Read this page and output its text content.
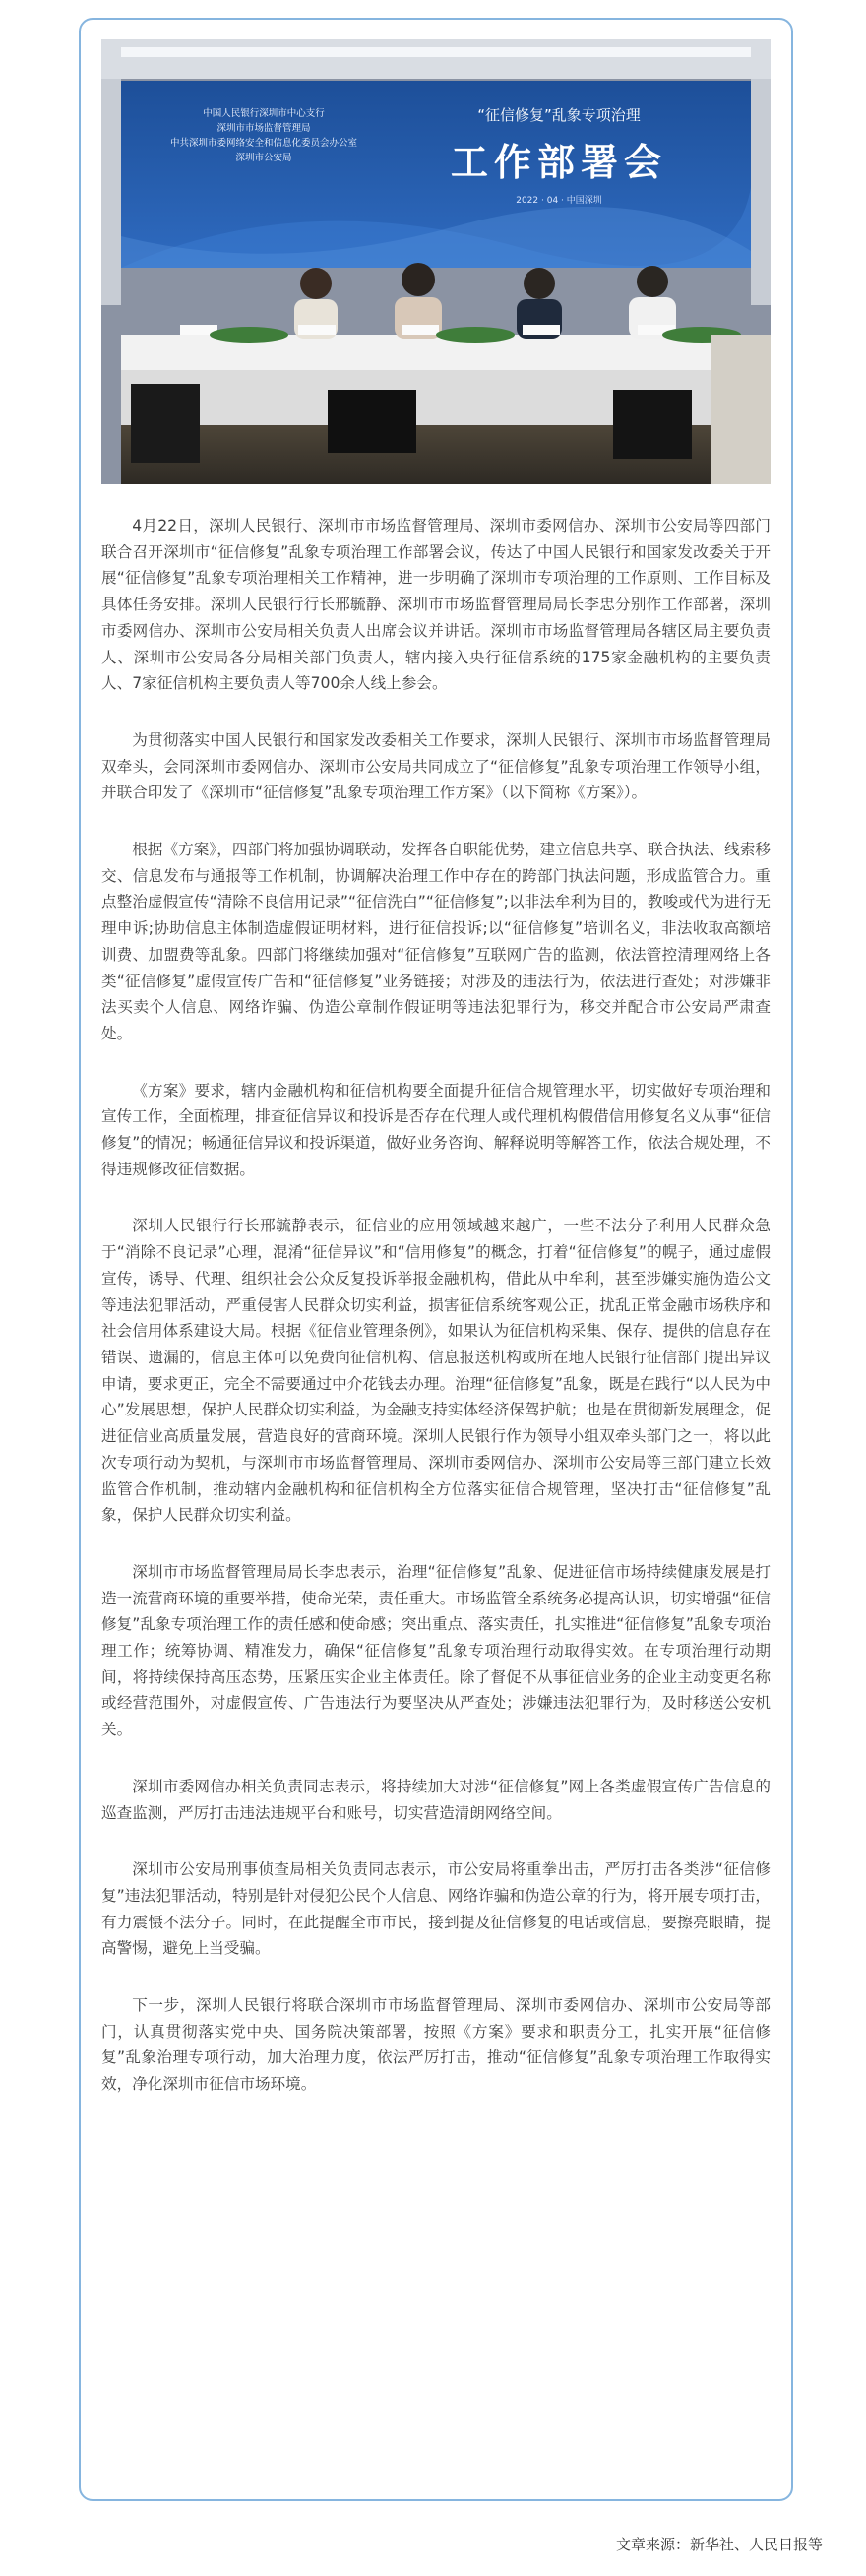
中国人民银行深圳市中心支行
深圳市市场监督管理局
中共深圳市委网络安全和信息化委员会办公室
深圳市公安局
“征信修复”乱象专项治理
工作部署会
2022 · 04 · 中国深圳

4月22日，深圳人民银行、深圳市市场监督管理局、深圳市委网信办、深圳市公安局等四部门联合召开深圳市“征信修复”乱象专项治理工作部署会议，传达了中国人民银行和国家发改委关于开展“征信修复”乱象专项治理相关工作精神，进一步明确了深圳市专项治理的工作原则、工作目标及具体任务安排。深圳人民银行行长邢毓静、深圳市市场监督管理局局长李忠分别作工作部署，深圳市委网信办、深圳市公安局相关负责人出席会议并讲话。深圳市市场监督管理局各辖区局主要负责人、深圳市公安局各分局相关部门负责人，辖内接入央行征信系统的175家金融机构的主要负责人、7家征信机构主要负责人等700余人线上参会。

为贯彻落实中国人民银行和国家发改委相关工作要求，深圳人民银行、深圳市市场监督管理局双牵头，会同深圳市委网信办、深圳市公安局共同成立了“征信修复”乱象专项治理工作领导小组，并联合印发了《深圳市“征信修复”乱象专项治理工作方案》（以下简称《方案》）。

根据《方案》，四部门将加强协调联动，发挥各自职能优势，建立信息共享、联合执法、线索移交、信息发布与通报等工作机制，协调解决治理工作中存在的跨部门执法问题，形成监管合力。重点整治虚假宣传“清除不良信用记录”“征信洗白”“征信修复”;以非法牟利为目的，教唆或代为进行无理申诉;协助信息主体制造虚假证明材料，进行征信投诉;以“征信修复”培训名义，非法收取高额培训费、加盟费等乱象。四部门将继续加强对“征信修复”互联网广告的监测，依法管控清理网络上各类“征信修复”虚假宣传广告和“征信修复”业务链接；对涉及的违法行为，依法进行查处；对涉嫌非法买卖个人信息、网络诈骗、伪造公章制作假证明等违法犯罪行为，移交并配合市公安局严肃查处。

《方案》要求，辖内金融机构和征信机构要全面提升征信合规管理水平，切实做好专项治理和宣传工作，全面梳理，排查征信异议和投诉是否存在代理人或代理机构假借信用修复名义从事“征信修复”的情况；畅通征信异议和投诉渠道，做好业务咨询、解释说明等解答工作，依法合规处理，不得违规修改征信数据。

深圳人民银行行长邢毓静表示，征信业的应用领域越来越广，一些不法分子利用人民群众急于“消除不良记录”心理，混淆“征信异议”和“信用修复”的概念，打着“征信修复”的幌子，通过虚假宣传，诱导、代理、组织社会公众反复投诉举报金融机构，借此从中牟利，甚至涉嫌实施伪造公文等违法犯罪活动，严重侵害人民群众切实利益，损害征信系统客观公正，扰乱正常金融市场秩序和社会信用体系建设大局。根据《征信业管理条例》，如果认为征信机构采集、保存、提供的信息存在错误、遗漏的，信息主体可以免费向征信机构、信息报送机构或所在地人民银行征信部门提出异议申请，要求更正，完全不需要通过中介花钱去办理。治理“征信修复”乱象，既是在践行“以人民为中心”发展思想，保护人民群众切实利益，为金融支持实体经济保驾护航；也是在贯彻新发展理念，促进征信业高质量发展，营造良好的营商环境。深圳人民银行作为领导小组双牵头部门之一，将以此次专项行动为契机，与深圳市市场监督管理局、深圳市委网信办、深圳市公安局等三部门建立长效监管合作机制，推动辖内金融机构和征信机构全方位落实征信合规管理，坚决打击“征信修复”乱象，保护人民群众切实利益。

深圳市市场监督管理局局长李忠表示，治理“征信修复”乱象、促进征信市场持续健康发展是打造一流营商环境的重要举措，使命光荣，责任重大。市场监管全系统务必提高认识，切实增强“征信修复”乱象专项治理工作的责任感和使命感；突出重点、落实责任，扎实推进“征信修复”乱象专项治理工作；统筹协调、精准发力，确保“征信修复”乱象专项治理行动取得实效。在专项治理行动期间，将持续保持高压态势，压紧压实企业主体责任。除了督促不从事征信业务的企业主动变更名称或经营范围外，对虚假宣传、广告违法行为要坚决从严查处；涉嫌违法犯罪行为，及时移送公安机关。

深圳市委网信办相关负责同志表示，将持续加大对涉“征信修复”网上各类虚假宣传广告信息的巡查监测，严厉打击违法违规平台和账号，切实营造清朗网络空间。

深圳市公安局刑事侦查局相关负责同志表示，市公安局将重拳出击，严厉打击各类涉“征信修复”违法犯罪活动，特别是针对侵犯公民个人信息、网络诈骗和伪造公章的行为，将开展专项打击，有力震慑不法分子。同时，在此提醒全市市民，接到提及征信修复的电话或信息，要擦亮眼睛，提高警惕，避免上当受骗。

下一步，深圳人民银行将联合深圳市市场监督管理局、深圳市委网信办、深圳市公安局等部门，认真贯彻落实党中央、国务院决策部署，按照《方案》要求和职责分工，扎实开展“征信修复”乱象治理专项行动，加大治理力度，依法严厉打击，推动“征信修复”乱象专项治理工作取得实效，净化深圳市征信市场环境。

文章来源：新华社、人民日报等
